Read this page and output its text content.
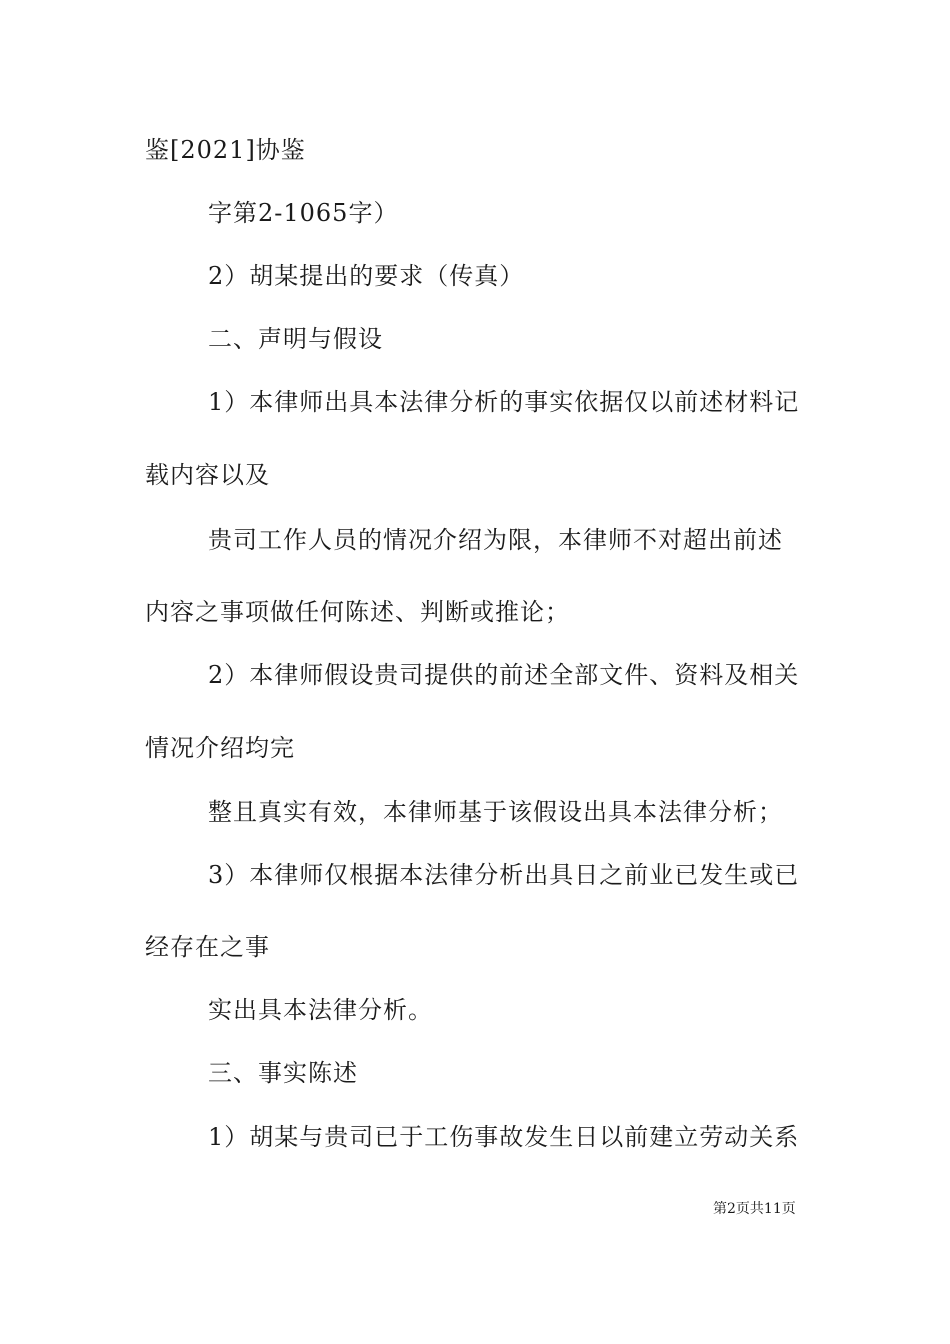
鉴[2021]协鉴
字第2-1065字）
2）胡某提出的要求（传真）
二、声明与假设
1）本律师出具本法律分析的事实依据仅以前述材料记
载内容以及
贵司工作人员的情况介绍为限，本律师不对超出前述
内容之事项做任何陈述、判断或推论；
2）本律师假设贵司提供的前述全部文件、资料及相关
情况介绍均完
整且真实有效，本律师基于该假设出具本法律分析；
3）本律师仅根据本法律分析出具日之前业已发生或已
经存在之事
实出具本法律分析。
三、事实陈述
1）胡某与贵司已于工伤事故发生日以前建立劳动关系
第2页共11页
